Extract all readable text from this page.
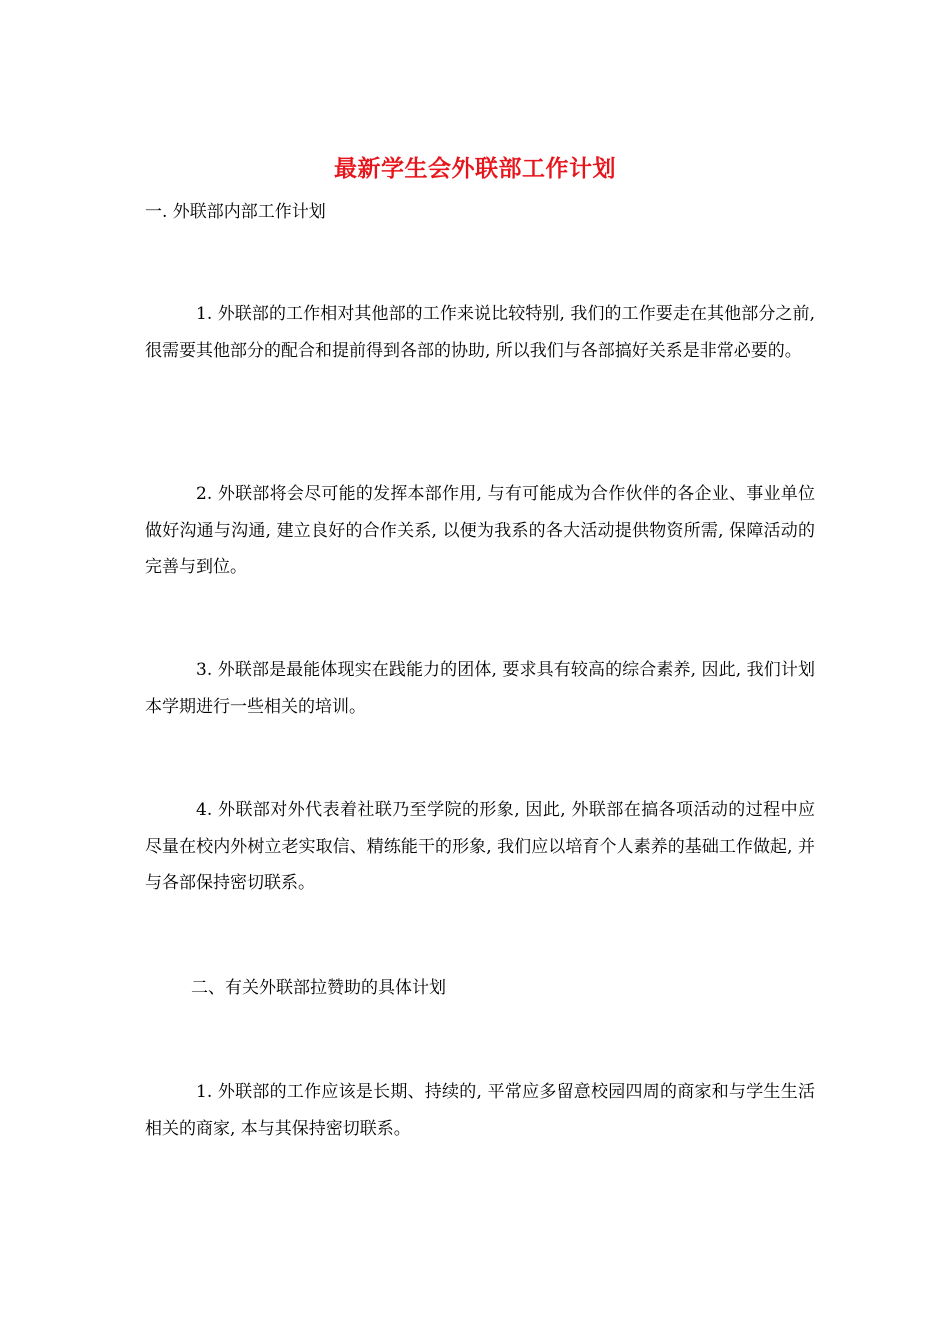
最新学生会外联部工作计划
一. 外联部内部工作计划
1. 外联部的工作相对其他部的工作来说比较特别, 我们的工作要走在其他部分之前, 很需要其他部分的配合和提前得到各部的协助, 所以我们与各部搞好关系是非常必要的。
2. 外联部将会尽可能的发挥本部作用, 与有可能成为合作伙伴的各企业、事业单位做好沟通与沟通, 建立良好的合作关系, 以便为我系的各大活动提供物资所需, 保障活动的完善与到位。
3. 外联部是最能体现实在践能力的团体, 要求具有较高的综合素养, 因此, 我们计划本学期进行一些相关的培训。
4. 外联部对外代表着社联乃至学院的形象, 因此, 外联部在搞各项活动的过程中应尽量在校内外树立老实取信、精练能干的形象, 我们应以培育个人素养的基础工作做起, 并与各部保持密切联系。
二、有关外联部拉赞助的具体计划
1. 外联部的工作应该是长期、持续的, 平常应多留意校园四周的商家和与学生生活相关的商家, 本与其保持密切联系。
